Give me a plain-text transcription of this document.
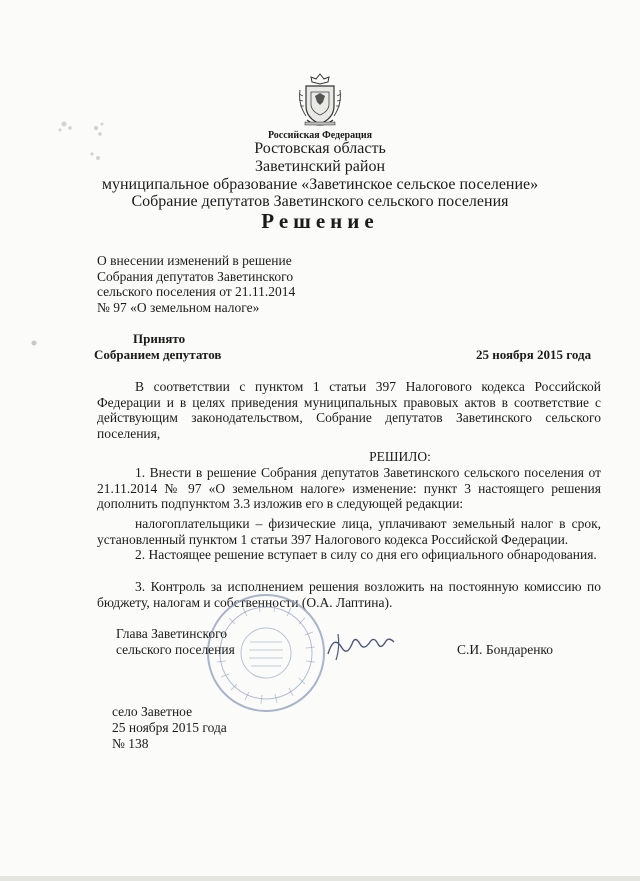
Российская Федерация
Ростовская область
Заветинский район
муниципальное образование «Заветинское сельское поселение»
Собрание депутатов Заветинского сельского поселения
Решение
О внесении изменений в решение
Собрания депутатов Заветинского
сельского поселения от 21.11.2014
№ 97 «О земельном налоге»
Принято
Собранием депутатов	25 ноября 2015 года
В соответствии с пунктом 1 статьи 397 Налогового кодекса Российской Федерации и в целях приведения муниципальных правовых актов в соответствие с действующим законодательством, Собрание депутатов Заветинского сельского поселения,
РЕШИЛО:
1. Внести в решение Собрания депутатов Заветинского сельского поселения от 21.11.2014 № 97 «О земельном налоге» изменение: пункт 3 настоящего решения дополнить подпунктом 3.3 изложив его в следующей редакции:
налогоплательщики – физические лица, уплачивают земельный налог в срок, установленный пунктом 1 статьи 397 Налогового кодекса Российской Федерации.
2. Настоящее решение вступает в силу со дня его официального обнародования.
3. Контроль за исполнением решения возложить на постоянную комиссию по бюджету, налогам и собственности (О.А. Лаптина).
Глава Заветинского
сельского поселения	С.И. Бондаренко
село Заветное
25 ноября 2015 года
№ 138
